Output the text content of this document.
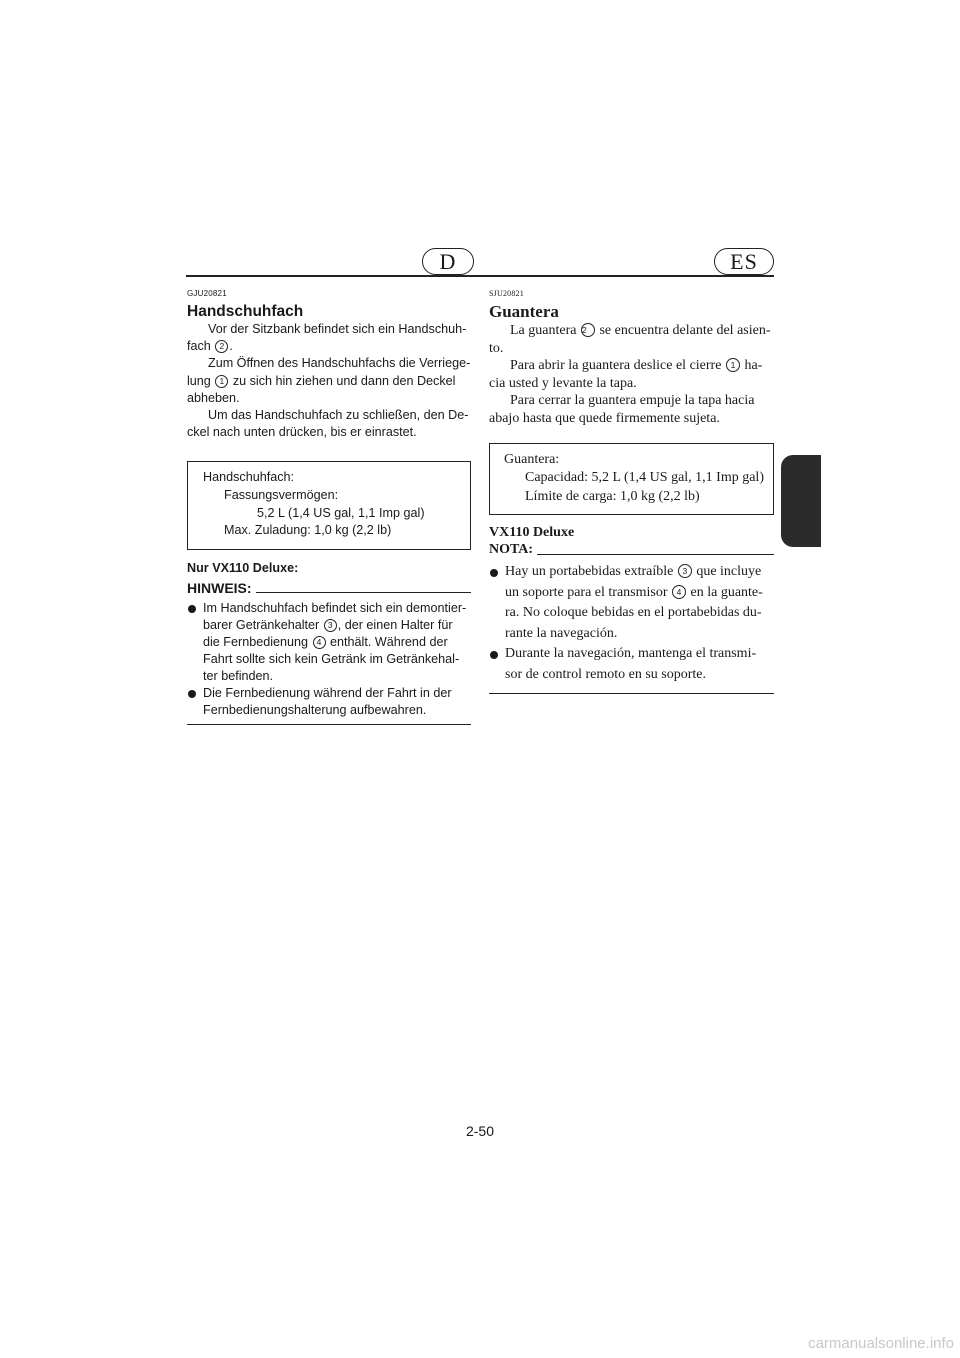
D	ES
GJU20821
Handschuhfach

Vor der Sitzbank befindet sich ein Handschuh-
fach 2 .

Zum Öffnen des Handschuhfachs die Verriege-
lung 1 zu sich hin ziehen und dann den Deckel
abheben.

Um das Handschuhfach zu schließen, den De-
ckel nach unten drücken, bis er einrastet.

Handschuhfach:
Fassungsvermögen:
5,2 L (1,4 US gal, 1,1 Imp gal)
Max. Zuladung: 1,0 kg (2,2 lb)
Nur VX110 Deluxe:
HINWEIS:
Im Handschuhfach befindet sich ein demontier-
barer Getränkehalter 3 , der einen Halter für
die Fernbedienung 4 enthält. Während der
Fahrt sollte sich kein Getränk im Getränkehal-
ter befinden.
Die Fernbedienung während der Fahrt in der
Fernbedienungshalterung aufbewahren.
SJU20821
Guantera

La guantera 2 se encuentra delante del asien-
to.

Para abrir la guantera deslice el cierre 1 ha-
cia usted y levante la tapa.

Para cerrar la guantera empuje la tapa hacia
abajo hasta que quede firmemente sujeta.

Guantera:
Capacidad: 5,2 L (1,4 US gal, 1,1 Imp gal)
Límite de carga: 1,0 kg (2,2 lb)
VX110 Deluxe
NOTA:
Hay un portabebidas extraíble 3 que incluye
un soporte para el transmisor 4 en la guante-
ra. No coloque bebidas en el portabebidas du-
rante la navegación.
Durante la navegación, mantenga el transmi-
sor de control remoto en su soporte.
2-50
carmanualsonline.info
